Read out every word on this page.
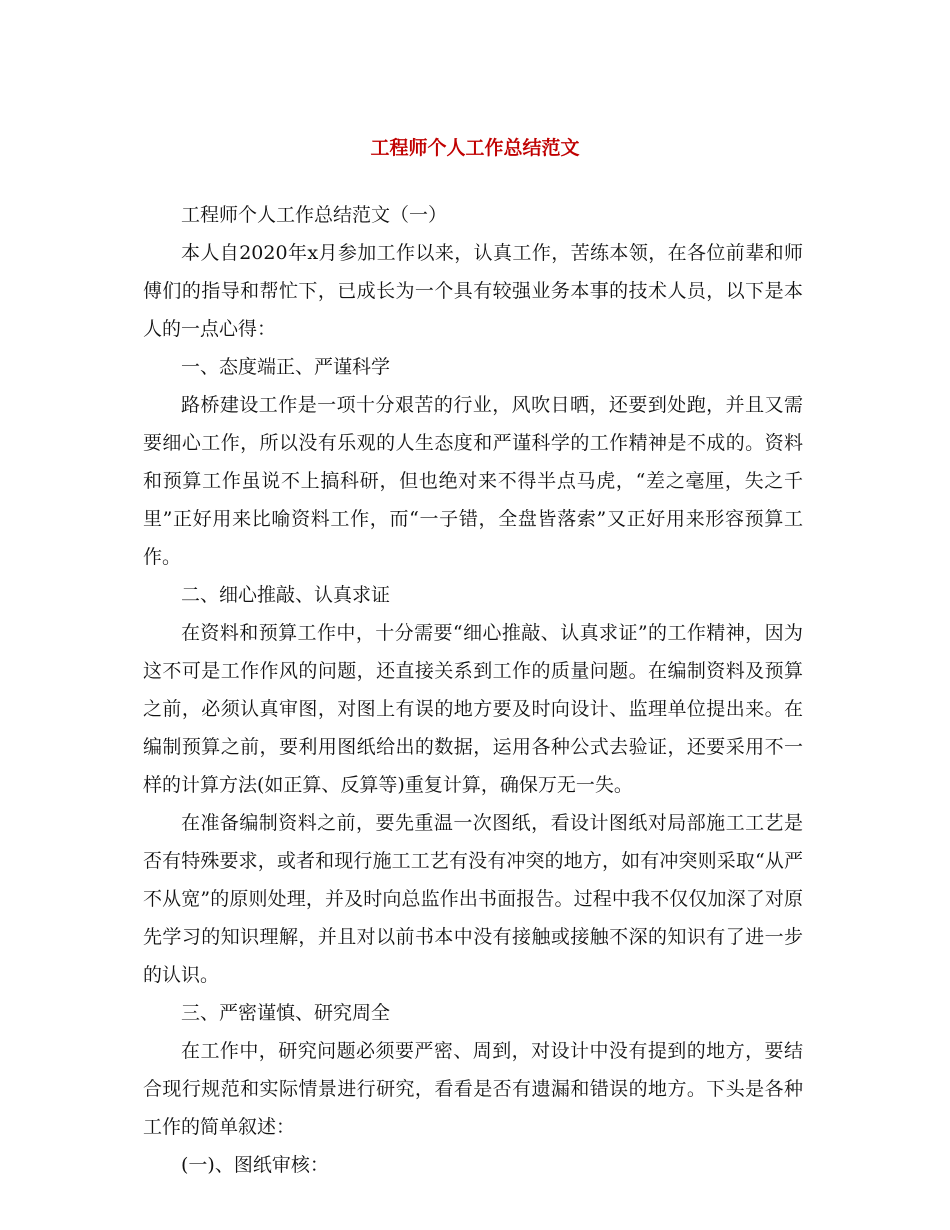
工程师个人工作总结范文

工程师个人工作总结范文（一）

本人自2020年x月参加工作以来，认真工作，苦练本领，在各位前辈和师傅们的指导和帮忙下，已成长为一个具有较强业务本事的技术人员，以下是本人的一点心得：

一、态度端正、严谨科学

路桥建设工作是一项十分艰苦的行业，风吹日晒，还要到处跑，并且又需要细心工作，所以没有乐观的人生态度和严谨科学的工作精神是不成的。资料和预算工作虽说不上搞科研，但也绝对来不得半点马虎，“差之毫厘，失之千里”正好用来比喻资料工作，而“一子错，全盘皆落索”又正好用来形容预算工作。

二、细心推敲、认真求证

在资料和预算工作中，十分需要“细心推敲、认真求证”的工作精神，因为这不可是工作作风的问题，还直接关系到工作的质量问题。在编制资料及预算之前，必须认真审图，对图上有误的地方要及时向设计、监理单位提出来。在编制预算之前，要利用图纸给出的数据，运用各种公式去验证，还要采用不一样的计算方法(如正算、反算等)重复计算，确保万无一失。

在准备编制资料之前，要先重温一次图纸，看设计图纸对局部施工工艺是否有特殊要求，或者和现行施工工艺有没有冲突的地方，如有冲突则采取“从严不从宽”的原则处理，并及时向总监作出书面报告。过程中我不仅仅加深了对原先学习的知识理解，并且对以前书本中没有接触或接触不深的知识有了进一步的认识。

三、严密谨慎、研究周全

在工作中，研究问题必须要严密、周到，对设计中没有提到的地方，要结合现行规范和实际情景进行研究，看看是否有遗漏和错误的地方。下头是各种工作的简单叙述：

(一)、图纸审核：
